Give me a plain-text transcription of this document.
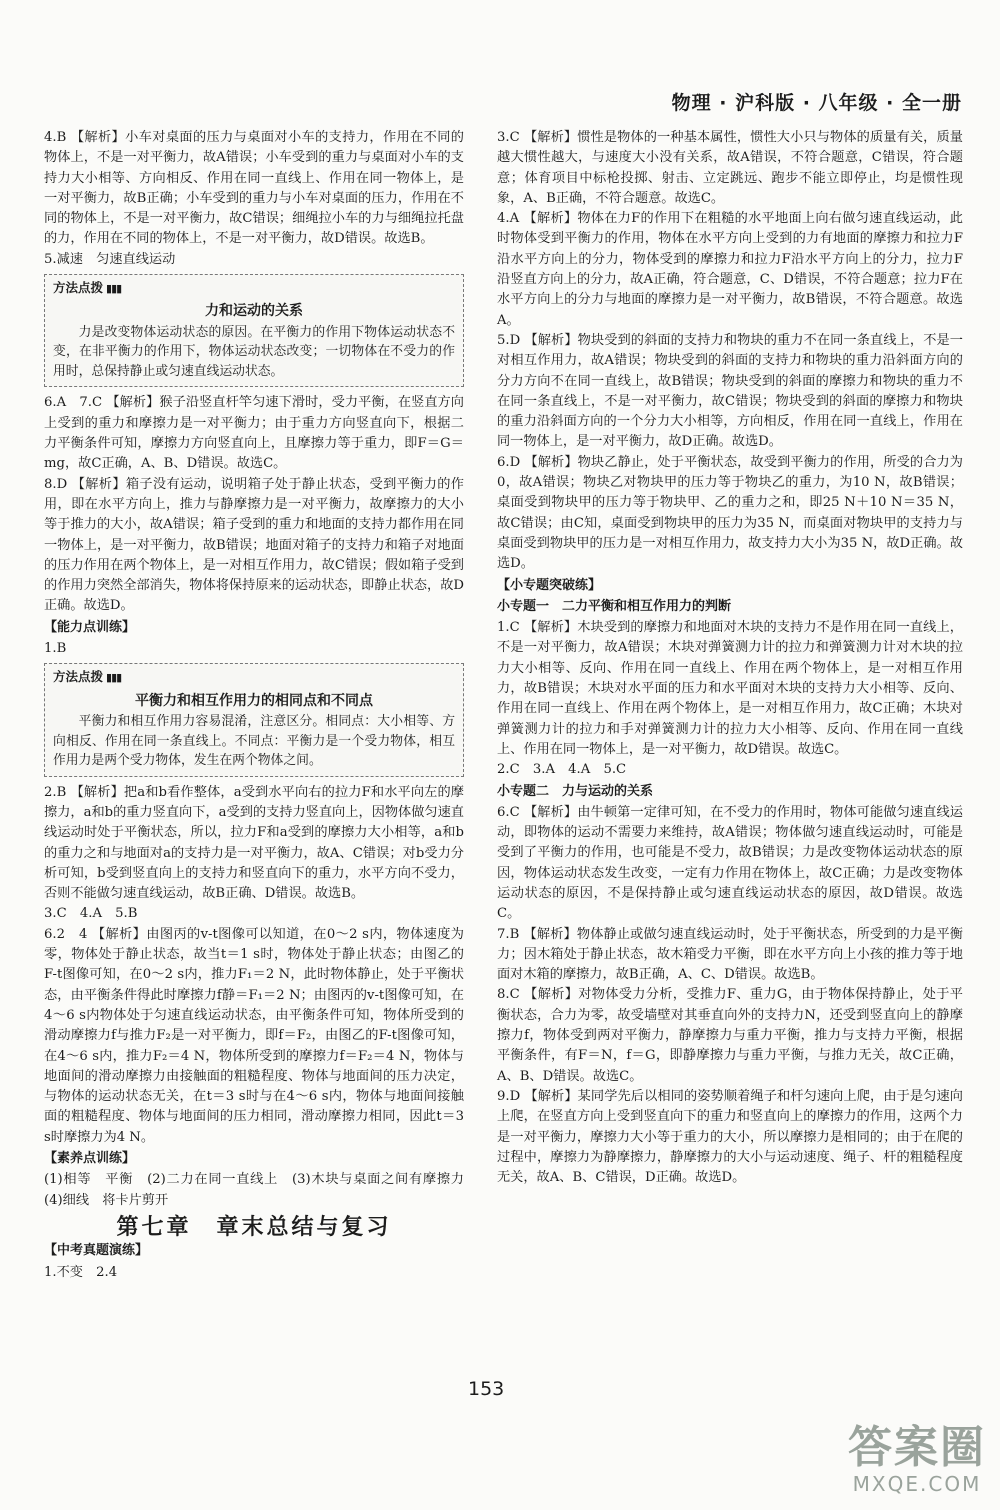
物理 · 沪科版 · 八年级 · 全一册

4.B 【解析】小车对桌面的压力与桌面对小车的支持力，作用在不同的物体上，不是一对平衡力，故A错误；小车受到的重力与桌面对小车的支持力大小相等、方向相反、作用在同一直线上、作用在同一物体上，是一对平衡力，故B正确；小车受到的重力与小车对桌面的压力，作用在不同的物体上，不是一对平衡力，故C错误；细绳拉小车的力与细绳拉托盘的力，作用在不同的物体上，不是一对平衡力，故D错误。故选B。

5.减速　匀速直线运动

方法点拨 ▮▮▮
力和运动的关系
力是改变物体运动状态的原因。在平衡力的作用下物体运动状态不变，在非平衡力的作用下，物体运动状态改变；一切物体在不受力的作用时，总保持静止或匀速直线运动状态。

6.A　7.C 【解析】猴子沿竖直杆竿匀速下滑时，受力平衡，在竖直方向上受到的重力和摩擦力是一对平衡力；由于重力方向竖直向下，根据二力平衡条件可知，摩擦力方向竖直向上，且摩擦力等于重力，即F＝G＝mg，故C正确，A、B、D错误。故选C。

8.D 【解析】箱子没有运动，说明箱子处于静止状态，受到平衡力的作用，即在水平方向上，推力与静摩擦力是一对平衡力，故摩擦力的大小等于推力的大小，故A错误；箱子受到的重力和地面的支持力都作用在同一物体上，是一对平衡力，故B错误；地面对箱子的支持力和箱子对地面的压力作用在两个物体上，是一对相互作用力，故C错误；假如箱子受到的作用力突然全部消失，物体将保持原来的运动状态，即静止状态，故D正确。故选D。

【能力点训练】

1.B

方法点拨 ▮▮▮
平衡力和相互作用力的相同点和不同点
平衡力和相互作用力容易混淆，注意区分。相同点：大小相等、方向相反、作用在同一条直线上。不同点：平衡力是一个受力物体，相互作用力是两个受力物体，发生在两个物体之间。

2.B 【解析】把a和b看作整体，a受到水平向右的拉力F和水平向左的摩擦力，a和b的重力竖直向下，a受到的支持力竖直向上，因物体做匀速直线运动时处于平衡状态，所以，拉力F和a受到的摩擦力大小相等，a和b的重力之和与地面对a的支持力是一对平衡力，故A、C错误；对b受力分析可知，b受到竖直向上的支持力和竖直向下的重力，水平方向不受力，否则不能做匀速直线运动，故B正确、D错误。故选B。

3.C　4.A　5.B

6.2　4 【解析】由图丙的v-t图像可以知道，在0～2 s内，物体速度为零，物体处于静止状态，故当t＝1 s时，物体处于静止状态；由图乙的F-t图像可知，在0～2 s内，推力F₁＝2 N，此时物体静止，处于平衡状态，由平衡条件得此时摩擦力f静＝F₁＝2 N；由图丙的v-t图像可知，在4～6 s内物体处于匀速直线运动状态，由平衡条件可知，物体所受到的滑动摩擦力f与推力F₂是一对平衡力，即f＝F₂，由图乙的F-t图像可知，在4～6 s内，推力F₂＝4 N，物体所受到的摩擦力f＝F₂＝4 N，物体与地面间的滑动摩擦力由接触面的粗糙程度、物体与地面间的压力决定，与物体的运动状态无关，在t＝3 s时与在4～6 s内，物体与地面间接触面的粗糙程度、物体与地面间的压力相同，滑动摩擦力相同，因此t＝3 s时摩擦力为4 N。

【素养点训练】

(1)相等　平衡　(2)二力在同一直线上　(3)木块与桌面之间有摩擦力　(4)细线　将卡片剪开

第七章　章末总结与复习
【中考真题演练】

1.不变　2.4

3.C 【解析】惯性是物体的一种基本属性，惯性大小只与物体的质量有关，质量越大惯性越大，与速度大小没有关系，故A错误，不符合题意，C错误，符合题意；体育项目中标枪投掷、射击、立定跳远、跑步不能立即停止，均是惯性现象，A、B正确，不符合题意。故选C。

4.A 【解析】物体在力F的作用下在粗糙的水平地面上向右做匀速直线运动，此时物体受到平衡力的作用，物体在水平方向上受到的力有地面的摩擦力和拉力F沿水平方向上的分力，物体受到的摩擦力和拉力F沿水平方向上的分力，拉力F沿竖直方向上的分力，故A正确，符合题意，C、D错误，不符合题意；拉力F在水平方向上的分力与地面的摩擦力是一对平衡力，故B错误，不符合题意。故选A。

5.D 【解析】物块受到的斜面的支持力和物块的重力不在同一条直线上，不是一对相互作用力，故A错误；物块受到的斜面的支持力和物块的重力沿斜面方向的分力方向不在同一直线上，故B错误；物块受到的斜面的摩擦力和物块的重力不在同一条直线上，不是一对平衡力，故C错误；物块受到的斜面的摩擦力和物块的重力沿斜面方向的一个分力大小相等，方向相反，作用在同一直线上，作用在同一物体上，是一对平衡力，故D正确。故选D。

6.D 【解析】物块乙静止，处于平衡状态，故受到平衡力的作用，所受的合力为0，故A错误；物块乙对物块甲的压力等于物块乙的重力，为10 N，故B错误；桌面受到物块甲的压力等于物块甲、乙的重力之和，即25 N＋10 N＝35 N，故C错误；由C知，桌面受到物块甲的压力为35 N，而桌面对物块甲的支持力与桌面受到物块甲的压力是一对相互作用力，故支持力大小为35 N，故D正确。故选D。

【小专题突破练】
小专题一　二力平衡和相互作用力的判断

1.C 【解析】木块受到的摩擦力和地面对木块的支持力不是作用在同一直线上，不是一对平衡力，故A错误；木块对弹簧测力计的拉力和弹簧测力计对木块的拉力大小相等、反向、作用在同一直线上、作用在两个物体上，是一对相互作用力，故B错误；木块对水平面的压力和水平面对木块的支持力大小相等、反向、作用在同一直线上、作用在两个物体上，是一对相互作用力，故C正确；木块对弹簧测力计的拉力和手对弹簧测力计的拉力大小相等、反向、作用在同一直线上、作用在同一物体上，是一对平衡力，故D错误。故选C。

2.C　3.A　4.A　5.C

小专题二　力与运动的关系

6.C 【解析】由牛顿第一定律可知，在不受力的作用时，物体可能做匀速直线运动，即物体的运动不需要力来维持，故A错误；物体做匀速直线运动时，可能是受到了平衡力的作用，也可能是不受力，故B错误；力是改变物体运动状态的原因，物体运动状态发生改变，一定有力作用在物体上，故C正确；力是改变物体运动状态的原因，不是保持静止或匀速直线运动状态的原因，故D错误。故选C。

7.B 【解析】物体静止或做匀速直线运动时，处于平衡状态，所受到的力是平衡力；因木箱处于静止状态，故木箱受力平衡，即在水平方向上小孩的推力等于地面对木箱的摩擦力，故B正确，A、C、D错误。故选B。

8.C 【解析】对物体受力分析，受推力F、重力G，由于物体保持静止，处于平衡状态，合力为零，故受墙壁对其垂直向外的支持力N，还受到竖直向上的静摩擦力f，物体受到两对平衡力，静摩擦力与重力平衡，推力与支持力平衡，根据平衡条件，有F＝N，f＝G，即静摩擦力与重力平衡，与推力无关，故C正确，A、B、D错误。故选C。

9.D 【解析】某同学先后以相同的姿势顺着绳子和杆匀速向上爬，由于是匀速向上爬，在竖直方向上受到竖直向下的重力和竖直向上的摩擦力的作用，这两个力是一对平衡力，摩擦力大小等于重力的大小，所以摩擦力是相同的；由于在爬的过程中，摩擦力为静摩擦力，静摩擦力的大小与运动速度、绳子、杆的粗糙程度无关，故A、B、C错误，D正确。故选D。

153
答案圈
MXQE.COM
